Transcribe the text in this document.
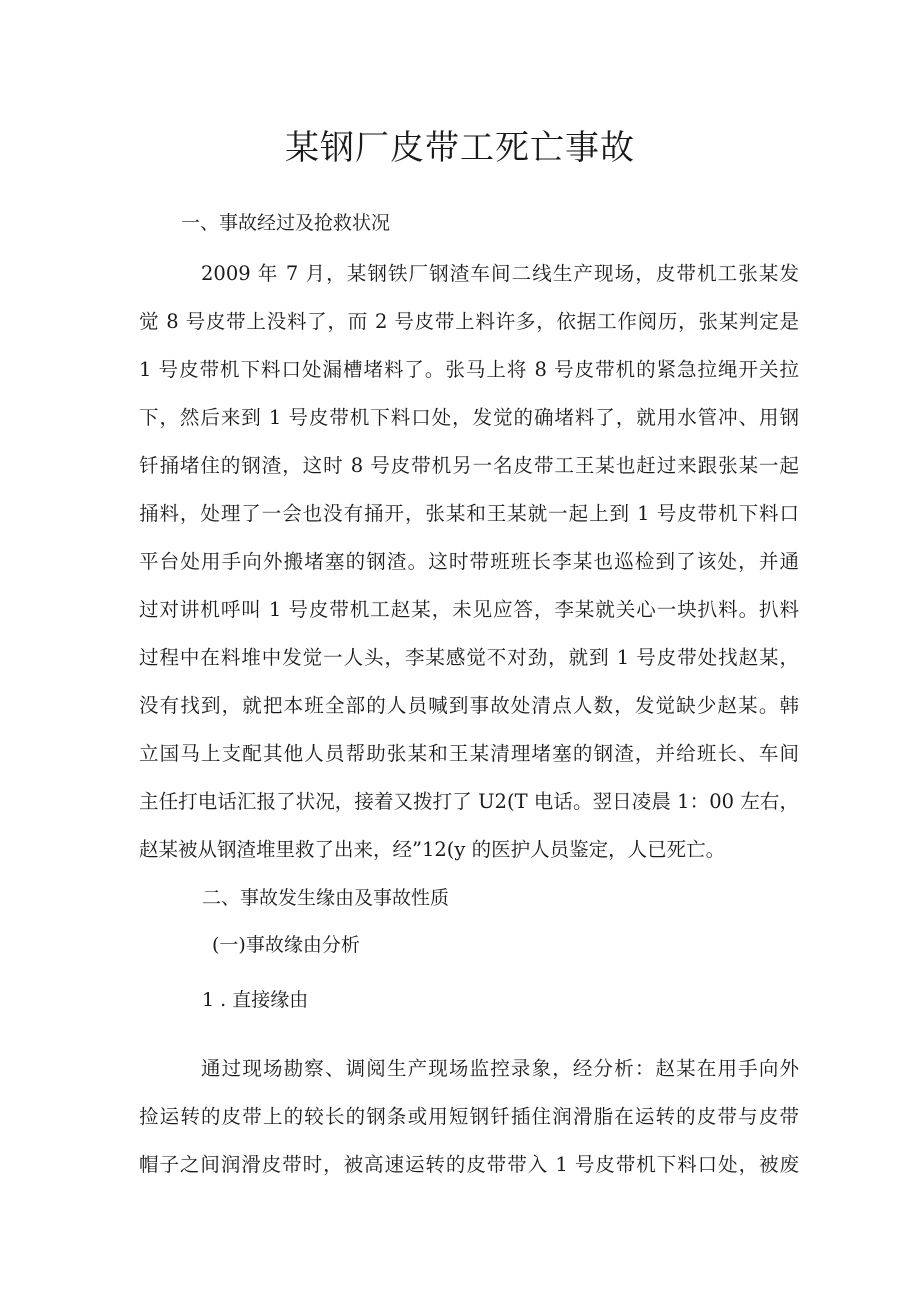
某钢厂皮带工死亡事故

一、事故经过及抢救状况

2009 年 7 月，某钢铁厂钢渣车间二线生产现场，皮带机工张某发
觉 8 号皮带上没料了，而 2 号皮带上料许多，依据工作阅历，张某判定是
1 号皮带机下料口处漏槽堵料了。张马上将 8 号皮带机的紧急拉绳开关拉
下，然后来到 1 号皮带机下料口处，发觉的确堵料了，就用水管冲、用钢
钎捅堵住的钢渣，这时 8 号皮带机另一名皮带工王某也赶过来跟张某一起
捅料，处理了一会也没有捅开，张某和王某就一起上到 1 号皮带机下料口
平台处用手向外搬堵塞的钢渣。这时带班班长李某也巡检到了该处，并通
过对讲机呼叫 1 号皮带机工赵某，未见应答，李某就关心一块扒料。扒料
过程中在料堆中发觉一人头，李某感觉不对劲，就到 1 号皮带处找赵某，
没有找到，就把本班全部的人员喊到事故处清点人数，发觉缺少赵某。韩
立国马上支配其他人员帮助张某和王某清理堵塞的钢渣，并给班长、车间
主任打电话汇报了状况，接着又拨打了 U2(T 电话。翌日凌晨 1：00 左右，
赵某被从钢渣堆里救了出来，经”12(y 的医护人员鉴定，人已死亡。

二、事故发生缘由及事故性质

(一)事故缘由分析

1 . 直接缘由

通过现场勘察、调阅生产现场监控录象，经分析：赵某在用手向外
捡运转的皮带上的较长的钢条或用短钢钎插住润滑脂在运转的皮带与皮带
帽子之间润滑皮带时，被高速运转的皮带带入 1 号皮带机下料口处，被废
